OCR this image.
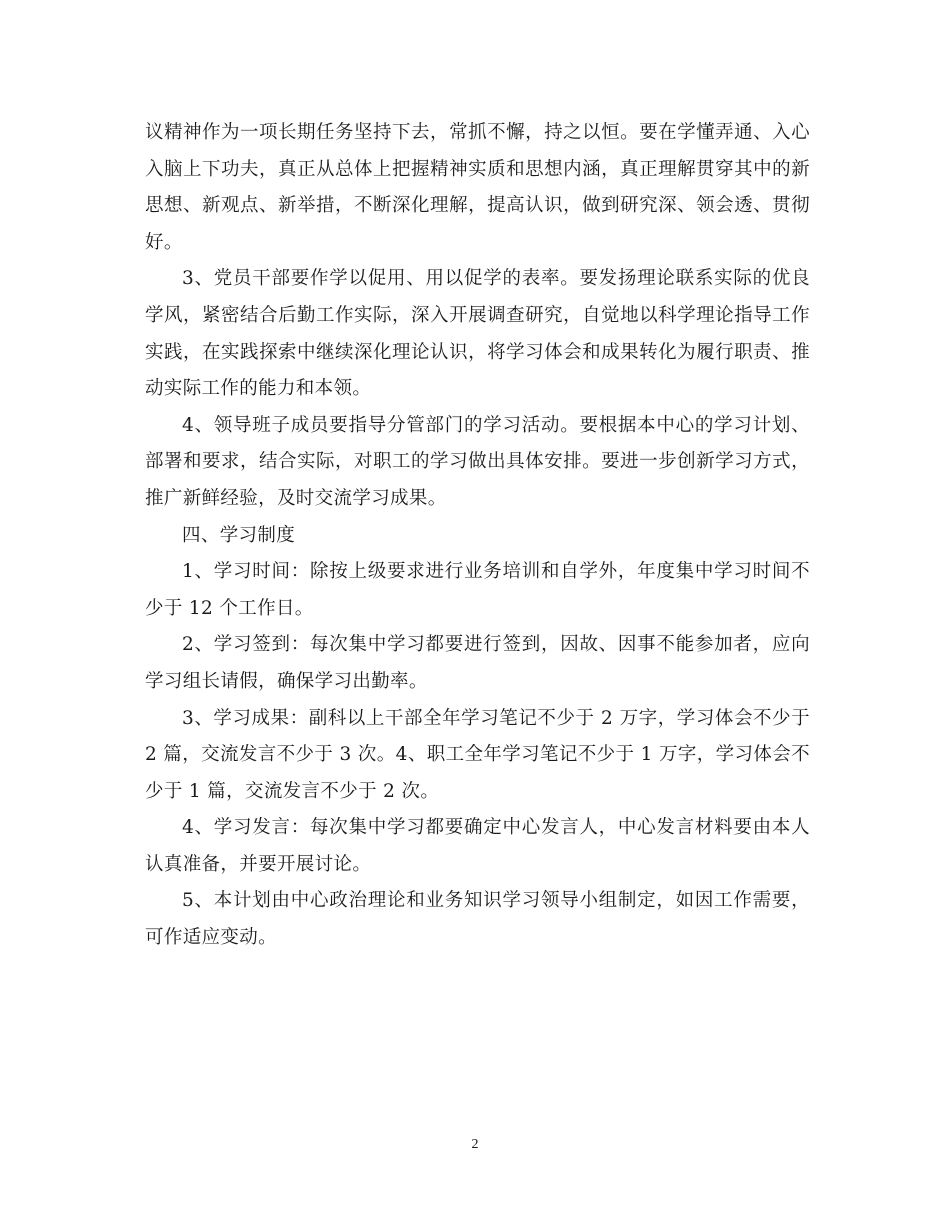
议精神作为一项长期任务坚持下去，常抓不懈，持之以恒。要在学懂弄通、入心入脑上下功夫，真正从总体上把握精神实质和思想内涵，真正理解贯穿其中的新思想、新观点、新举措，不断深化理解，提高认识，做到研究深、领会透、贯彻好。

3、党员干部要作学以促用、用以促学的表率。要发扬理论联系实际的优良学风，紧密结合后勤工作实际，深入开展调查研究，自觉地以科学理论指导工作实践，在实践探索中继续深化理论认识，将学习体会和成果转化为履行职责、推动实际工作的能力和本领。

4、领导班子成员要指导分管部门的学习活动。要根据本中心的学习计划、部署和要求，结合实际，对职工的学习做出具体安排。要进一步创新学习方式，推广新鲜经验，及时交流学习成果。

四、学习制度

1、学习时间：除按上级要求进行业务培训和自学外，年度集中学习时间不少于 12 个工作日。

2、学习签到：每次集中学习都要进行签到，因故、因事不能参加者，应向学习组长请假，确保学习出勤率。

3、学习成果：副科以上干部全年学习笔记不少于 2 万字，学习体会不少于 2 篇，交流发言不少于 3 次。4、职工全年学习笔记不少于 1 万字，学习体会不少于 1 篇，交流发言不少于 2 次。

4、学习发言：每次集中学习都要确定中心发言人，中心发言材料要由本人认真准备，并要开展讨论。

5、本计划由中心政治理论和业务知识学习领导小组制定，如因工作需要，可作适应变动。

2
